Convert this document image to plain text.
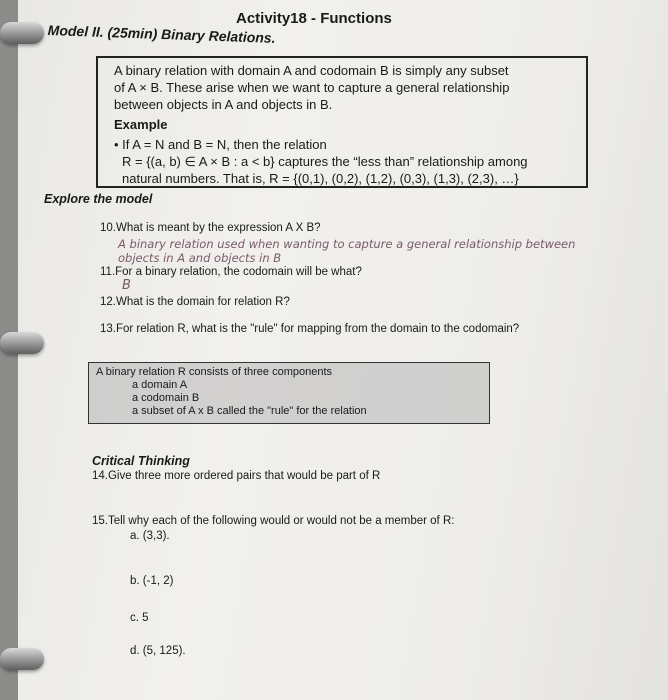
Activity18 - Functions
Model II. (25min) Binary Relations.
A binary relation with domain A and codomain B is simply any subset
of A × B. These arise when we want to capture a general relationship
between objects in A and objects in B.
Example
• If A = N and B = N, then the relation
R = {(a, b) ∈ A × B : a < b} captures the “less than” relationship among
natural numbers. That is, R = {(0,1), (0,2), (1,2), (0,3), (1,3), (2,3), …}
Explore the model
10.What is meant by the expression A X B?
A binary relation used when wanting to capture a general relationship between
objects in A and objects in B
11.For a binary relation, the codomain will be what?
B
12.What is the domain for relation R?
13.For relation R, what is the "rule" for mapping from the domain to the codomain?
A binary relation R consists of three components
a domain A
a codomain B
a subset of A x B called the "rule" for the relation
Critical Thinking
14.Give three more ordered pairs that would be part of R
15.Tell why each of the following would or would not be a member of R:
a. (3,3).
b. (-1, 2)
c. 5
d. (5, 125).
